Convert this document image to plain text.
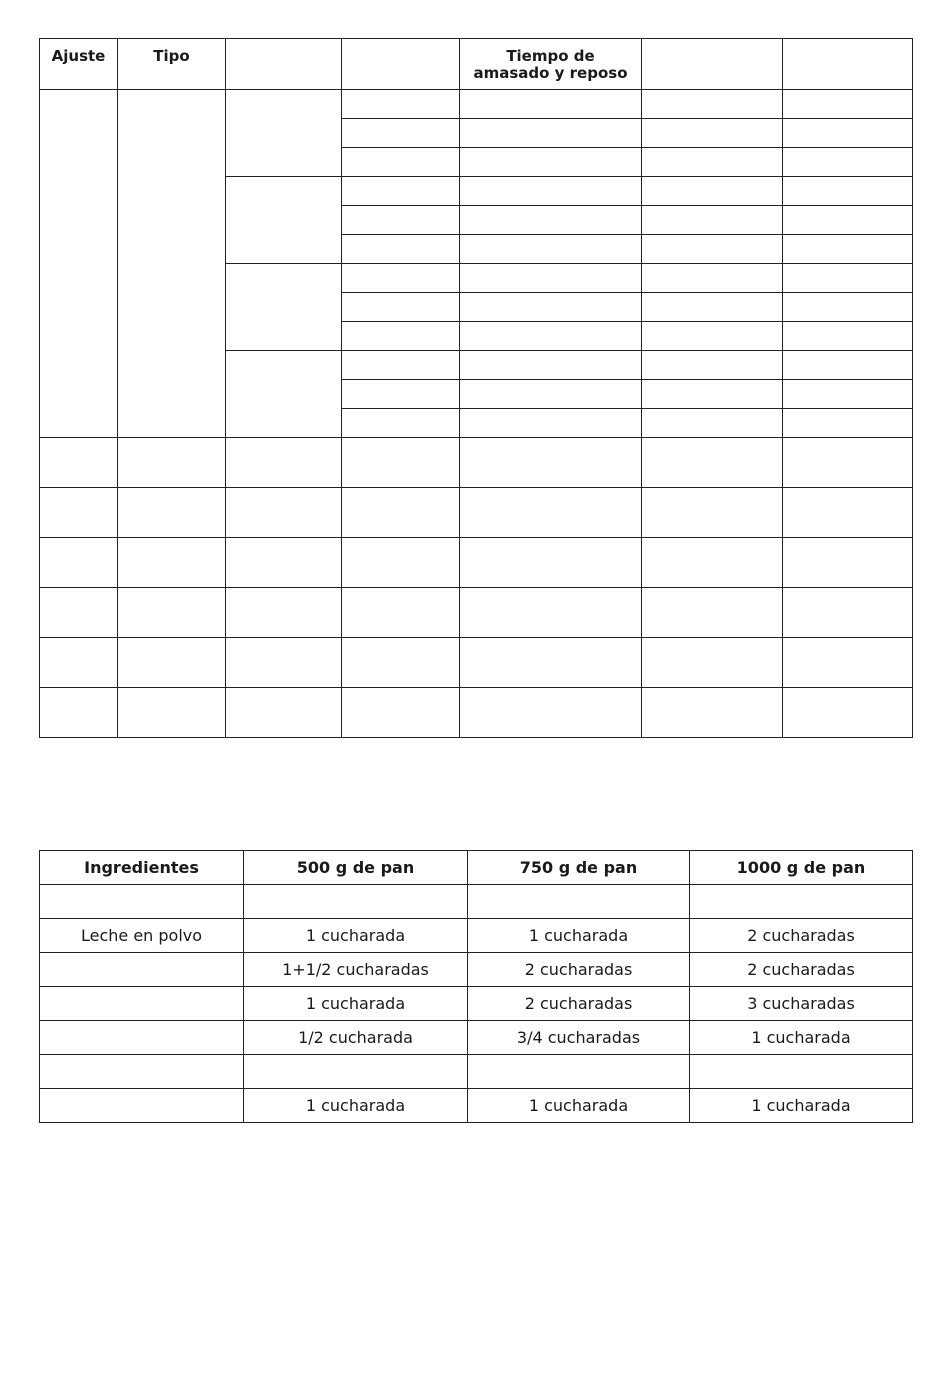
Ajuste	Tipo			Tiempo de
amasado y reposo		

Ingredientes	500 g de pan	750 g de pan	1000 g de pan

Leche en polvo	1 cucharada	1 cucharada	2 cucharadas
	1+1/2 cucharadas	2 cucharadas	2 cucharadas
	1 cucharada	2 cucharadas	3 cucharadas
	1/2 cucharada	3/4 cucharadas	1 cucharada

	1 cucharada	1 cucharada	1 cucharada
